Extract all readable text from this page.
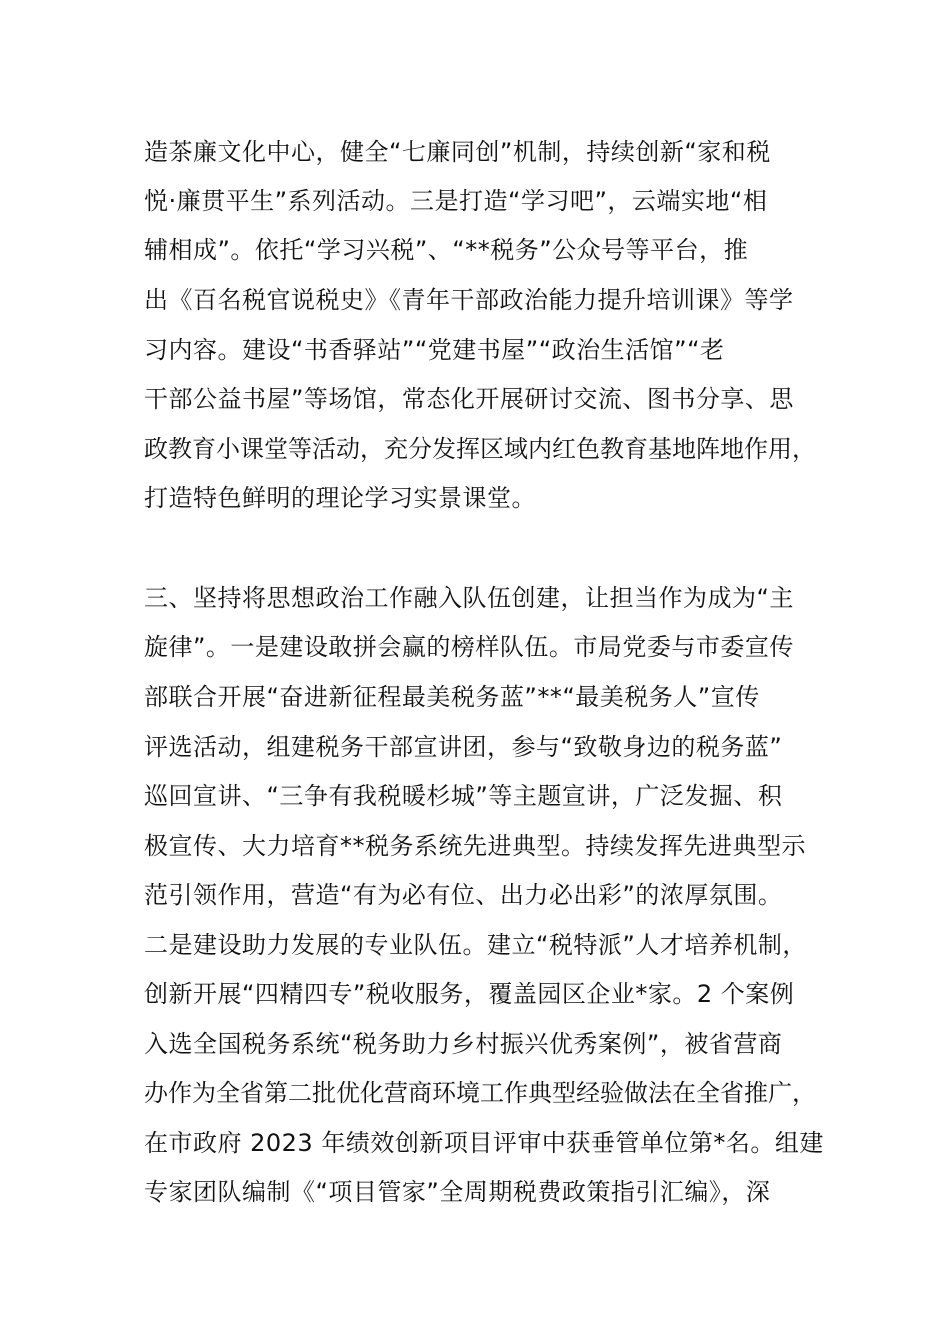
造茶廉文化中心，健全“七廉同创”机制，持续创新“家和税
悦·廉贯平生”系列活动。三是打造“学习吧”，云端实地“相
辅相成”。依托“学习兴税”、“**税务”公众号等平台，推
出《百名税官说税史》《青年干部政治能力提升培训课》等学
习内容。建设“书香驿站”“党建书屋”“政治生活馆”“老
干部公益书屋”等场馆，常态化开展研讨交流、图书分享、思
政教育小课堂等活动，充分发挥区域内红色教育基地阵地作用，
打造特色鲜明的理论学习实景课堂。
三、坚持将思想政治工作融入队伍创建，让担当作为成为“主
旋律”。一是建设敢拼会赢的榜样队伍。市局党委与市委宣传
部联合开展“奋进新征程最美税务蓝”**“最美税务人”宣传
评选活动，组建税务干部宣讲团，参与“致敬身边的税务蓝”
巡回宣讲、“三争有我税暖杉城”等主题宣讲，广泛发掘、积
极宣传、大力培育**税务系统先进典型。持续发挥先进典型示
范引领作用，营造“有为必有位、出力必出彩”的浓厚氛围。
二是建设助力发展的专业队伍。建立“税特派”人才培养机制，
创新开展“四精四专”税收服务，覆盖园区企业*家。2 个案例
入选全国税务系统“税务助力乡村振兴优秀案例”，被省营商
办作为全省第二批优化营商环境工作典型经验做法在全省推广，
在市政府 2023 年绩效创新项目评审中获垂管单位第*名。组建
专家团队编制《“项目管家”全周期税费政策指引汇编》，深
